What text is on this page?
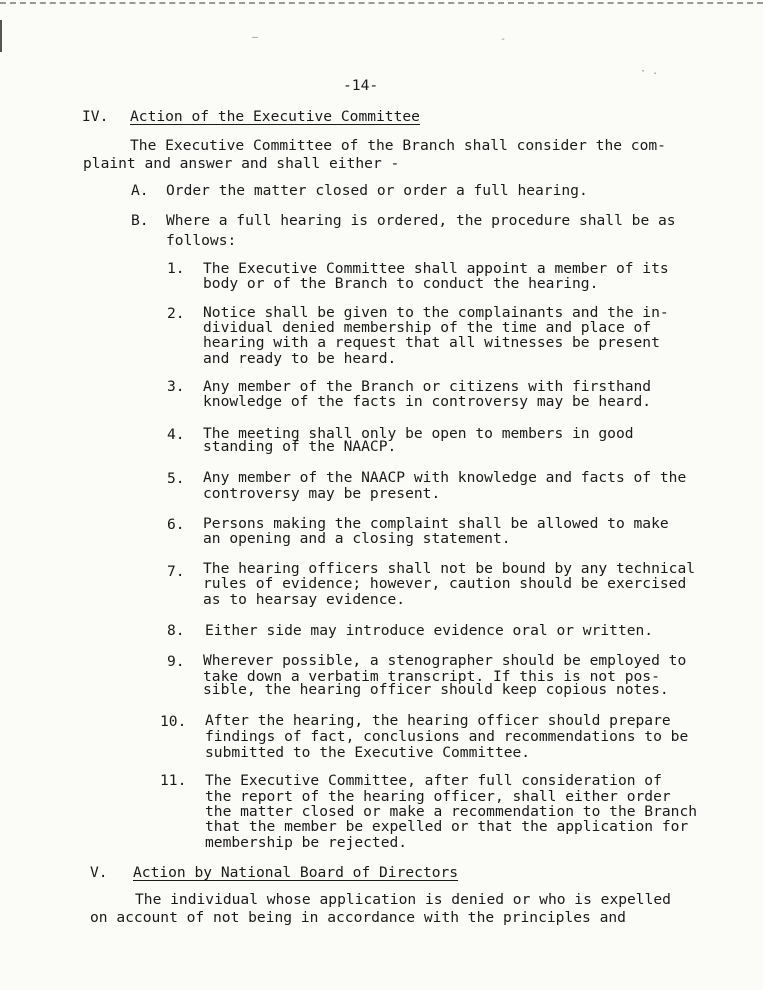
—	-
· .
-14-
IV. Action of the Executive Committee
The Executive Committee of the Branch shall consider the com-
plaint and answer and shall either -
A. Order the matter closed or order a full hearing.
B. Where a full hearing is ordered, the procedure shall be as
follows:
1. The Executive Committee shall appoint a member of its
body or of the Branch to conduct the hearing.
2. Notice shall be given to the complainants and the in-
dividual denied membership of the time and place of
hearing with a request that all witnesses be present
and ready to be heard.
3. Any member of the Branch or citizens with firsthand
knowledge of the facts in controversy may be heard.
4. The meeting shall only be open to members in good
standing of the NAACP.
5. Any member of the NAACP with knowledge and facts of the
controversy may be present.
6. Persons making the complaint shall be allowed to make
an opening and a closing statement.
7. The hearing officers shall not be bound by any technical
rules of evidence; however, caution should be exercised
as to hearsay evidence.
8. Either side may introduce evidence oral or written.
9. Wherever possible, a stenographer should be employed to
take down a verbatim transcript. If this is not pos-
sible, the hearing officer should keep copious notes.
10. After the hearing, the hearing officer should prepare
findings of fact, conclusions and recommendations to be
submitted to the Executive Committee.
11. The Executive Committee, after full consideration of
the report of the hearing officer, shall either order
the matter closed or make a recommendation to the Branch
that the member be expelled or that the application for
membership be rejected.
V. Action by National Board of Directors
The individual whose application is denied or who is expelled
on account of not being in accordance with the principles and
